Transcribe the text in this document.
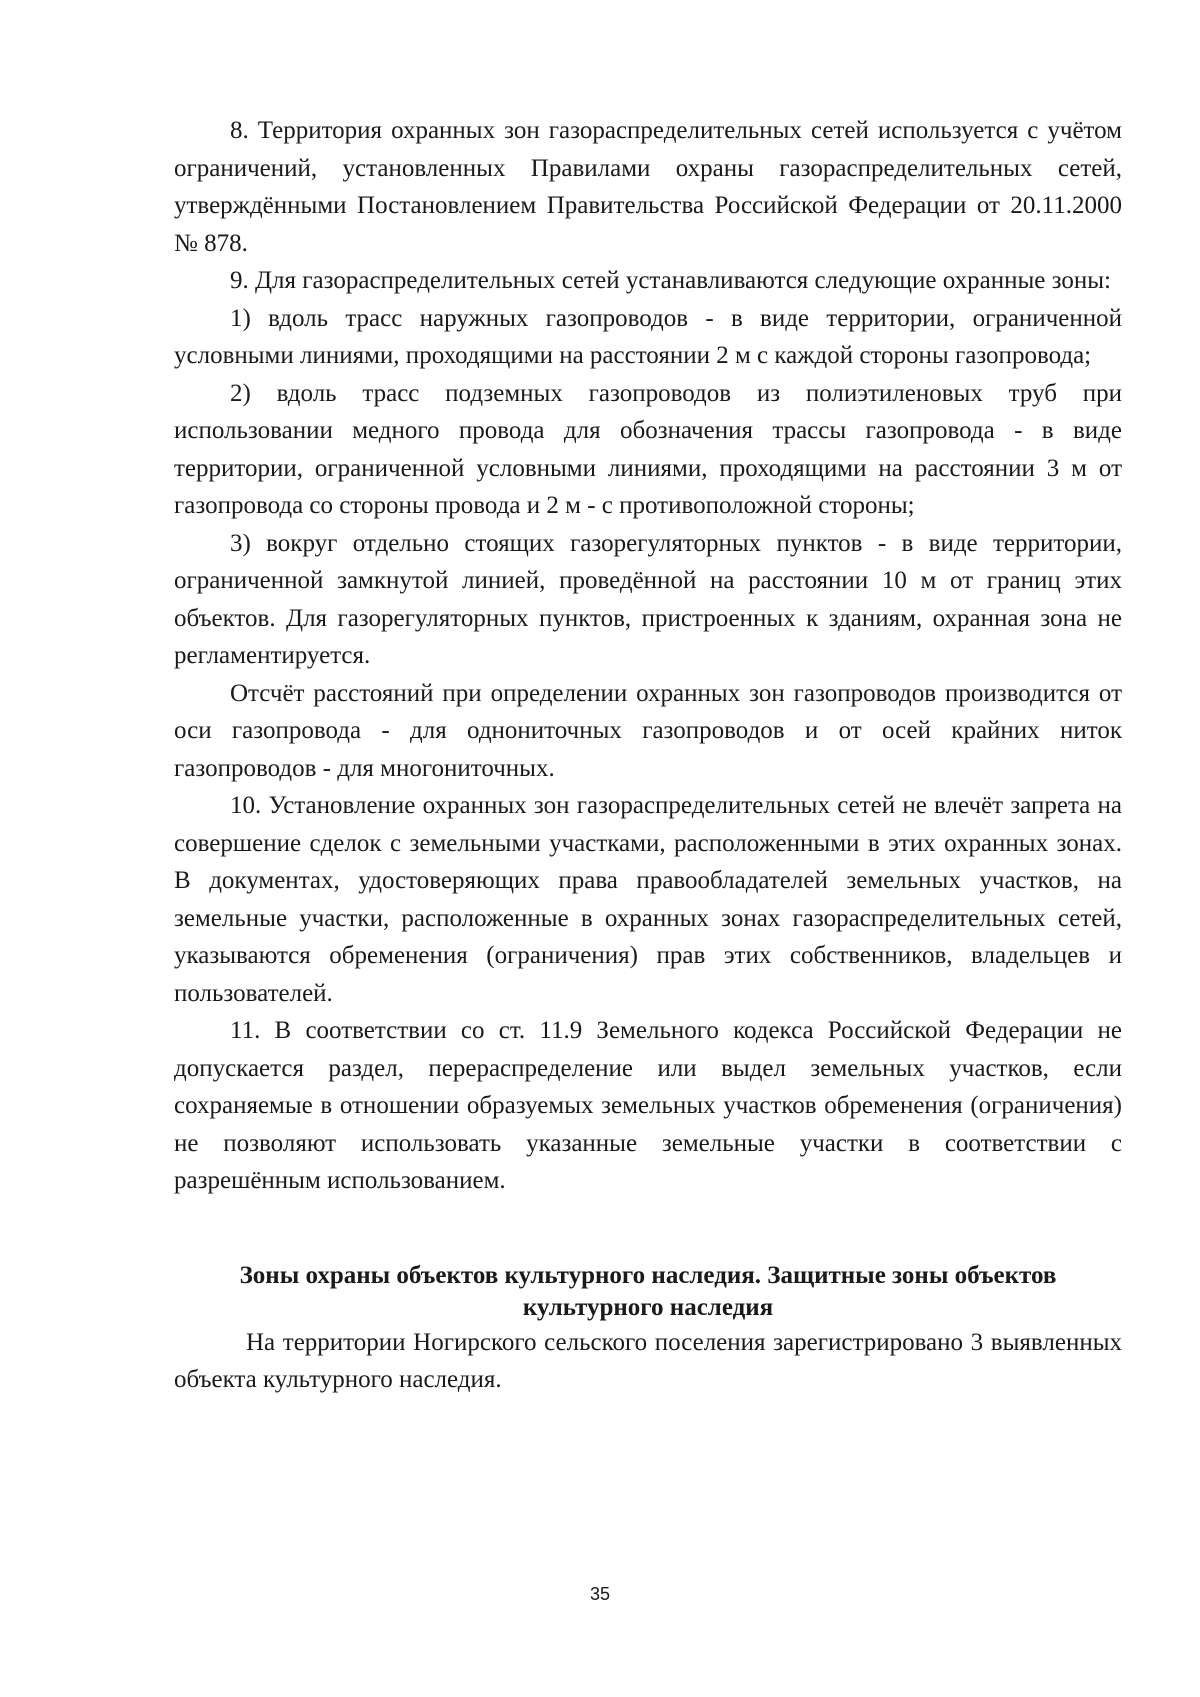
8. Территория охранных зон газораспределительных сетей используется с учётом ограничений, установленных Правилами охраны газораспределительных сетей, утверждёнными Постановлением Правительства Российской Федерации от 20.11.2000 № 878.

9. Для газораспределительных сетей устанавливаются следующие охранные зоны:

1) вдоль трасс наружных газопроводов - в виде территории, ограниченной условными линиями, проходящими на расстоянии 2 м с каждой стороны газопровода;

2) вдоль трасс подземных газопроводов из полиэтиленовых труб при использовании медного провода для обозначения трассы газопровода - в виде территории, ограниченной условными линиями, проходящими на расстоянии 3 м от газопровода со стороны провода и 2 м - с противоположной стороны;

3) вокруг отдельно стоящих газорегуляторных пунктов - в виде территории, ограниченной замкнутой линией, проведённой на расстоянии 10 м от границ этих объектов. Для газорегуляторных пунктов, пристроенных к зданиям, охранная зона не регламентируется.

Отсчёт расстояний при определении охранных зон газопроводов производится от оси газопровода - для однониточных газопроводов и от осей крайних ниток газопроводов - для многониточных.

10. Установление охранных зон газораспределительных сетей не влечёт запрета на совершение сделок с земельными участками, расположенными в этих охранных зонах. В документах, удостоверяющих права правообладателей земельных участков, на земельные участки, расположенные в охранных зонах газораспределительных сетей, указываются обременения (ограничения) прав этих собственников, владельцев и пользователей.

11. В соответствии со ст. 11.9 Земельного кодекса Российской Федерации не допускается раздел, перераспределение или выдел земельных участков, если сохраняемые в отношении образуемых земельных участков обременения (ограничения) не позволяют использовать указанные земельные участки в соответствии с разрешённым использованием.

Зоны охраны объектов культурного наследия. Защитные зоны объектов культурного наследия

На территории Ногирского сельского поселения зарегистрировано 3 выявленных объекта культурного наследия.

35
